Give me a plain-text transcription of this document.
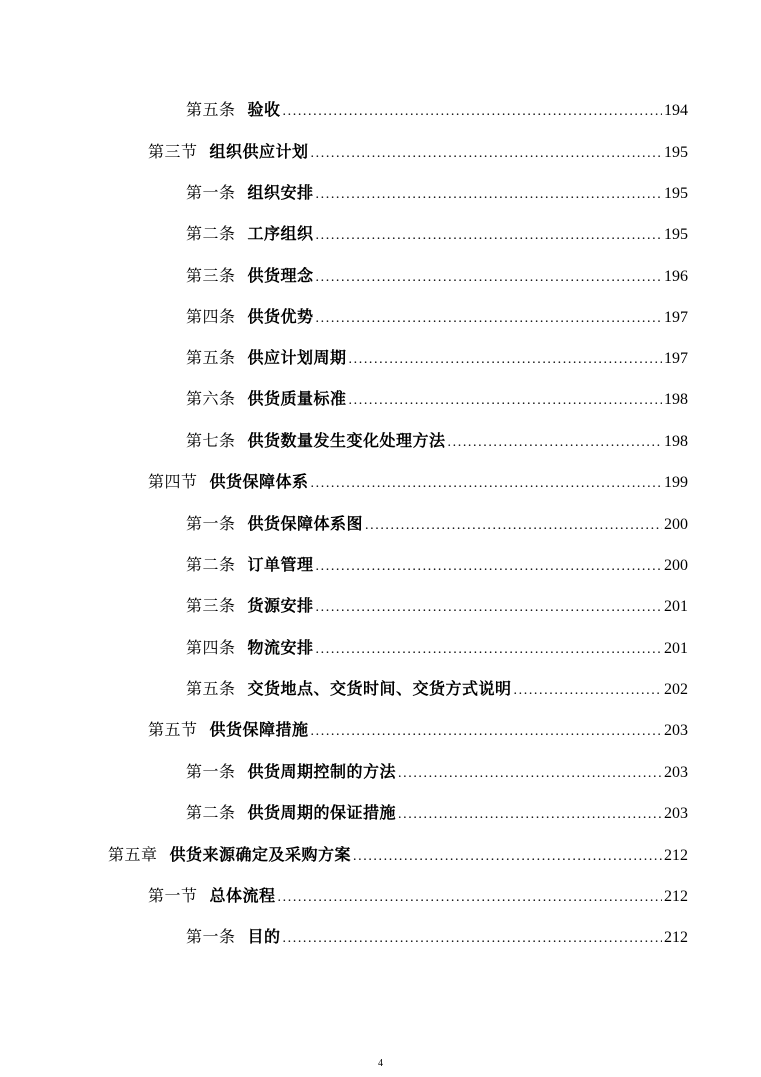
第五条 验收 .....	194
第三节 组织供应计划 .....	195
第一条 组织安排 .....	195
第二条 工序组织 .....	195
第三条 供货理念 .....	196
第四条 供货优势 .....	197
第五条 供应计划周期 .....	197
第六条 供货质量标准 .....	198
第七条 供货数量发生变化处理方法 .....	198
第四节 供货保障体系 .....	199
第一条 供货保障体系图 .....	200
第二条 订单管理 .....	200
第三条 货源安排 .....	201
第四条 物流安排 .....	201
第五条 交货地点、交货时间、交货方式说明 .....	202
第五节 供货保障措施 .....	203
第一条 供货周期控制的方法 .....	203
第二条 供货周期的保证措施 .....	203
第五章 供货来源确定及采购方案 .....	212
第一节 总体流程 .....	212
第一条 目的 .....	212
4
